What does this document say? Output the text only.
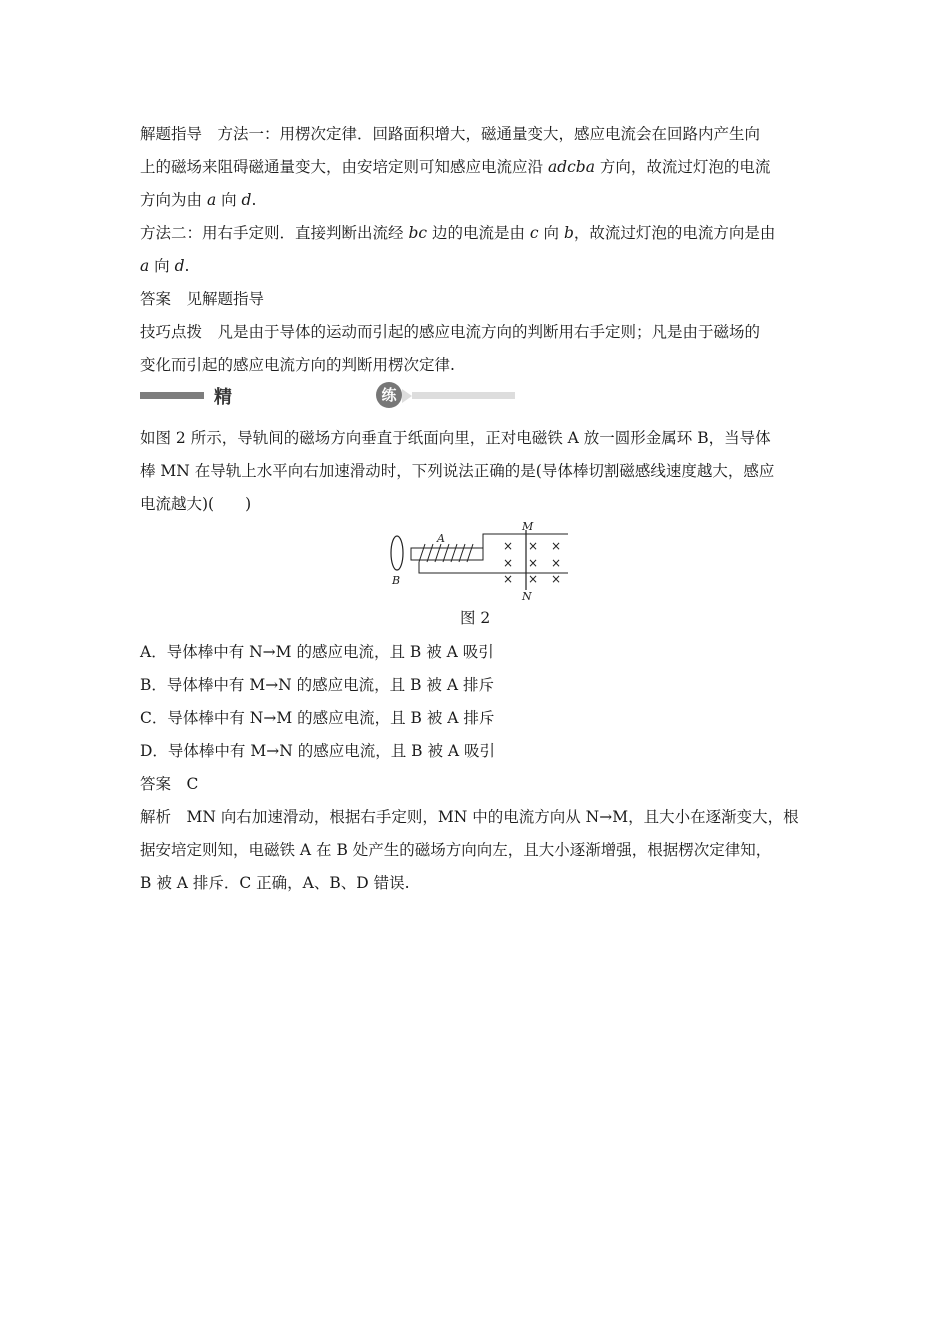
解题指导　方法一：用楞次定律．回路面积增大，磁通量变大，感应电流会在回路内产生向
上的磁场来阻碍磁通量变大，由安培定则可知感应电流应沿 adcba 方向，故流过灯泡的电流
方向为由 a 向 d.
方法二：用右手定则．直接判断出流经 bc 边的电流是由 c 向 b，故流过灯泡的电流方向是由
a 向 d.
答案　见解题指导
技巧点拨　凡是由于导体的运动而引起的感应电流方向的判断用右手定则；凡是由于磁场的
变化而引起的感应电流方向的判断用楞次定律.
精	练
如图 2 所示，导轨间的磁场方向垂直于纸面向里，正对电磁铁 A 放一圆形金属环 B，当导体
棒 MN 在导轨上水平向右加速滑动时，下列说法正确的是(导体棒切割磁感线速度越大，感应
电流越大)(　　)
× × ×
× × ×
× × ×
A
B
M
N
图 2
A．导体棒中有 N→M 的感应电流，且 B 被 A 吸引
B．导体棒中有 M→N 的感应电流，且 B 被 A 排斥
C．导体棒中有 N→M 的感应电流，且 B 被 A 排斥
D．导体棒中有 M→N 的感应电流，且 B 被 A 吸引
答案　C
解析　MN 向右加速滑动，根据右手定则，MN 中的电流方向从 N→M，且大小在逐渐变大，根
据安培定则知，电磁铁 A 在 B 处产生的磁场方向向左，且大小逐渐增强，根据楞次定律知，
B 被 A 排斥．C 正确，A、B、D 错误.
